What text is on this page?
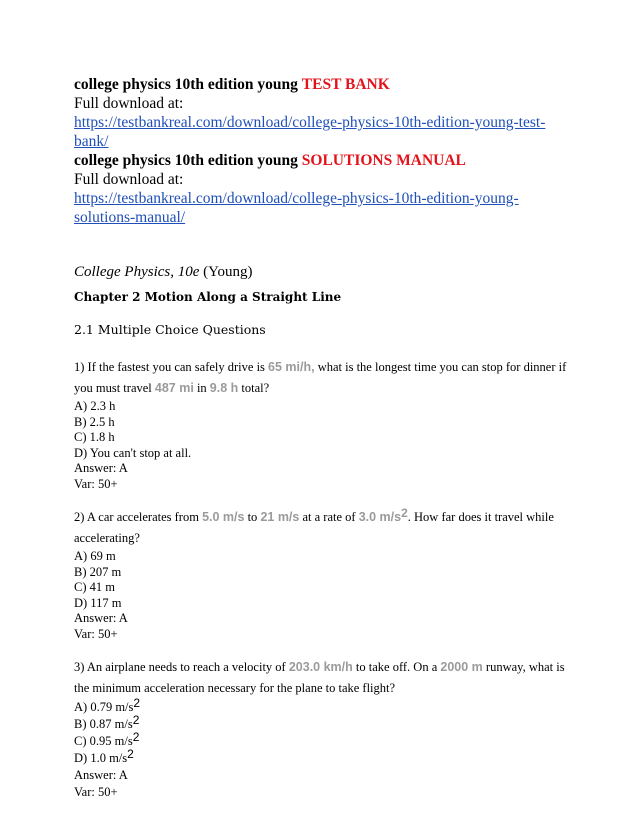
college physics 10th edition young TEST BANK
Full download at:
https://testbankreal.com/download/college-physics-10th-edition-young-test-
bank/
college physics 10th edition young SOLUTIONS MANUAL
Full download at:
https://testbankreal.com/download/college-physics-10th-edition-young-
solutions-manual/
College Physics, 10e (Young)
Chapter 2 Motion Along a Straight Line
2.1 Multiple Choice Questions
1) If the fastest you can safely drive is 65 mi/h, what is the longest time you can stop for dinner if
you must travel 487 mi in 9.8 h total?
A) 2.3 h
B) 2.5 h
C) 1.8 h
D) You can't stop at all.
Answer: A
Var: 50+
2) A car accelerates from 5.0 m/s to 21 m/s at a rate of 3.0 m/s2. How far does it travel while
accelerating?
A) 69 m
B) 207 m
C) 41 m
D) 117 m
Answer: A
Var: 50+
3) An airplane needs to reach a velocity of 203.0 km/h to take off. On a 2000 m runway, what is
the minimum acceleration necessary for the plane to take flight?
A) 0.79 m/s2
B) 0.87 m/s2
C) 0.95 m/s2
D) 1.0 m/s2
Answer: A
Var: 50+
